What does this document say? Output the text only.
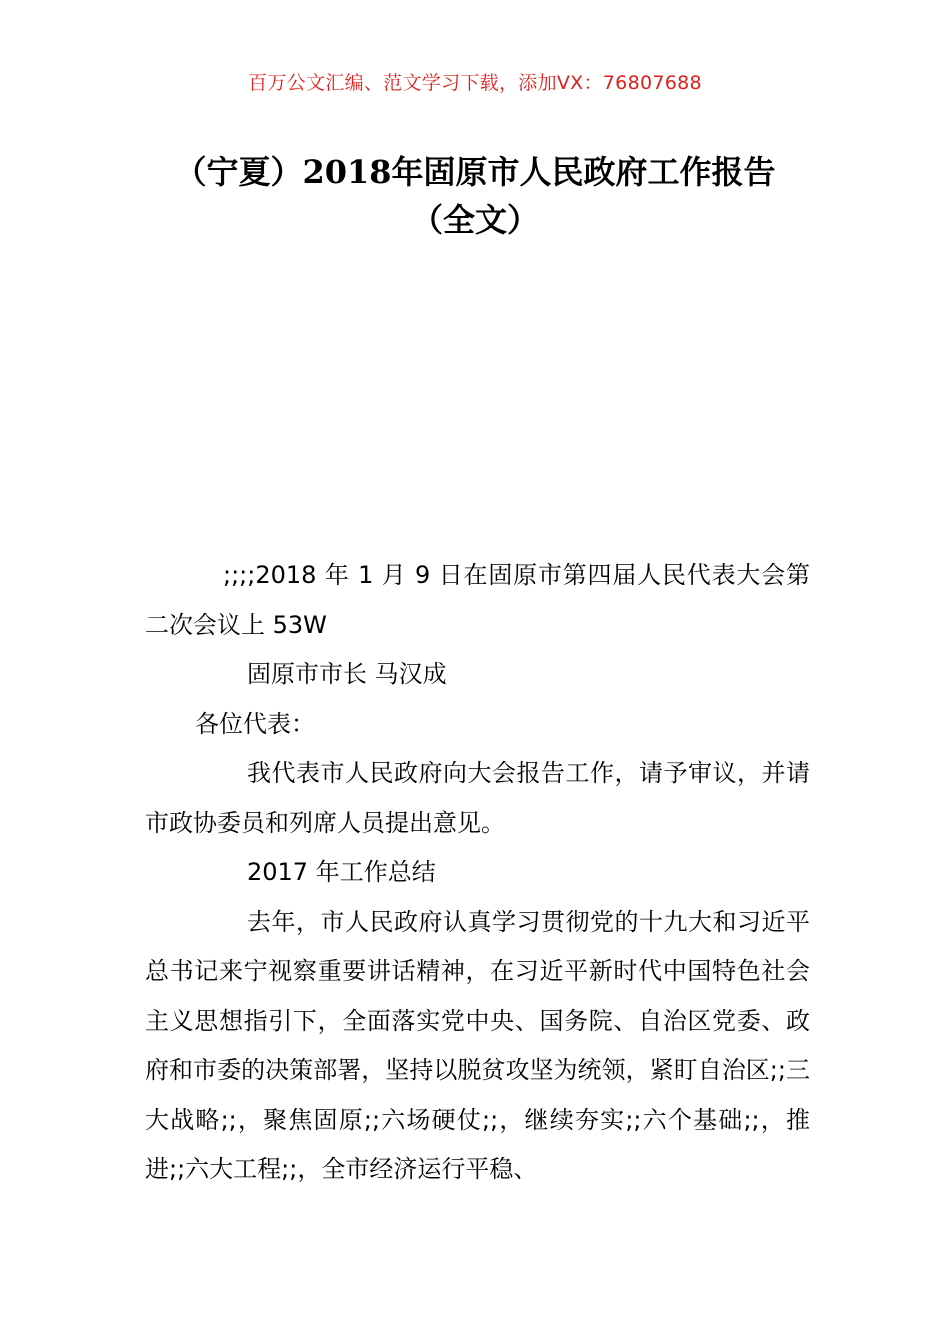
百万公文汇编、范文学习下载，添加VX：76807688
（宁夏）2018年固原市人民政府工作报告
（全文）

;;;;2018 年 1 月 9 日在固原市第四届人民代表大会第二次会议上 53W

固原市市长 马汉成

各位代表：

我代表市人民政府向大会报告工作，请予审议，并请市政协委员和列席人员提出意见。

2017 年工作总结

去年，市人民政府认真学习贯彻党的十九大和习近平总书记来宁视察重要讲话精神，在习近平新时代中国特色社会主义思想指引下，全面落实党中央、国务院、自治区党委、政府和市委的决策部署，坚持以脱贫攻坚为统领，紧盯自治区;;三大战略;;，聚焦固原;;六场硬仗;;，继续夯实;;六个基础;;，推进;;六大工程;;，全市经济运行平稳、
